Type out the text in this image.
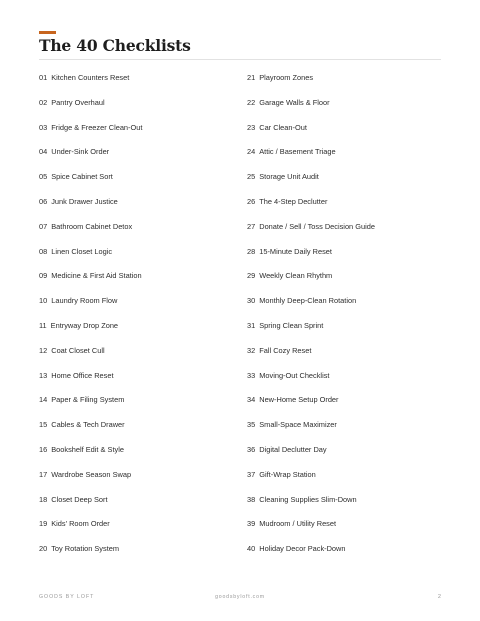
The 40 Checklists
01 Kitchen Counters Reset
02 Pantry Overhaul
03 Fridge & Freezer Clean-Out
04 Under-Sink Order
05 Spice Cabinet Sort
06 Junk Drawer Justice
07 Bathroom Cabinet Detox
08 Linen Closet Logic
09 Medicine & First Aid Station
10 Laundry Room Flow
11 Entryway Drop Zone
12 Coat Closet Cull
13 Home Office Reset
14 Paper & Filing System
15 Cables & Tech Drawer
16 Bookshelf Edit & Style
17 Wardrobe Season Swap
18 Closet Deep Sort
19 Kids' Room Order
20 Toy Rotation System
21 Playroom Zones
22 Garage Walls & Floor
23 Car Clean-Out
24 Attic / Basement Triage
25 Storage Unit Audit
26 The 4-Step Declutter
27 Donate / Sell / Toss Decision Guide
28 15-Minute Daily Reset
29 Weekly Clean Rhythm
30 Monthly Deep-Clean Rotation
31 Spring Clean Sprint
32 Fall Cozy Reset
33 Moving-Out Checklist
34 New-Home Setup Order
35 Small-Space Maximizer
36 Digital Declutter Day
37 Gift-Wrap Station
38 Cleaning Supplies Slim-Down
39 Mudroom / Utility Reset
40 Holiday Decor Pack-Down
GOODS BY LOFT	goodsbyloft.com	2
